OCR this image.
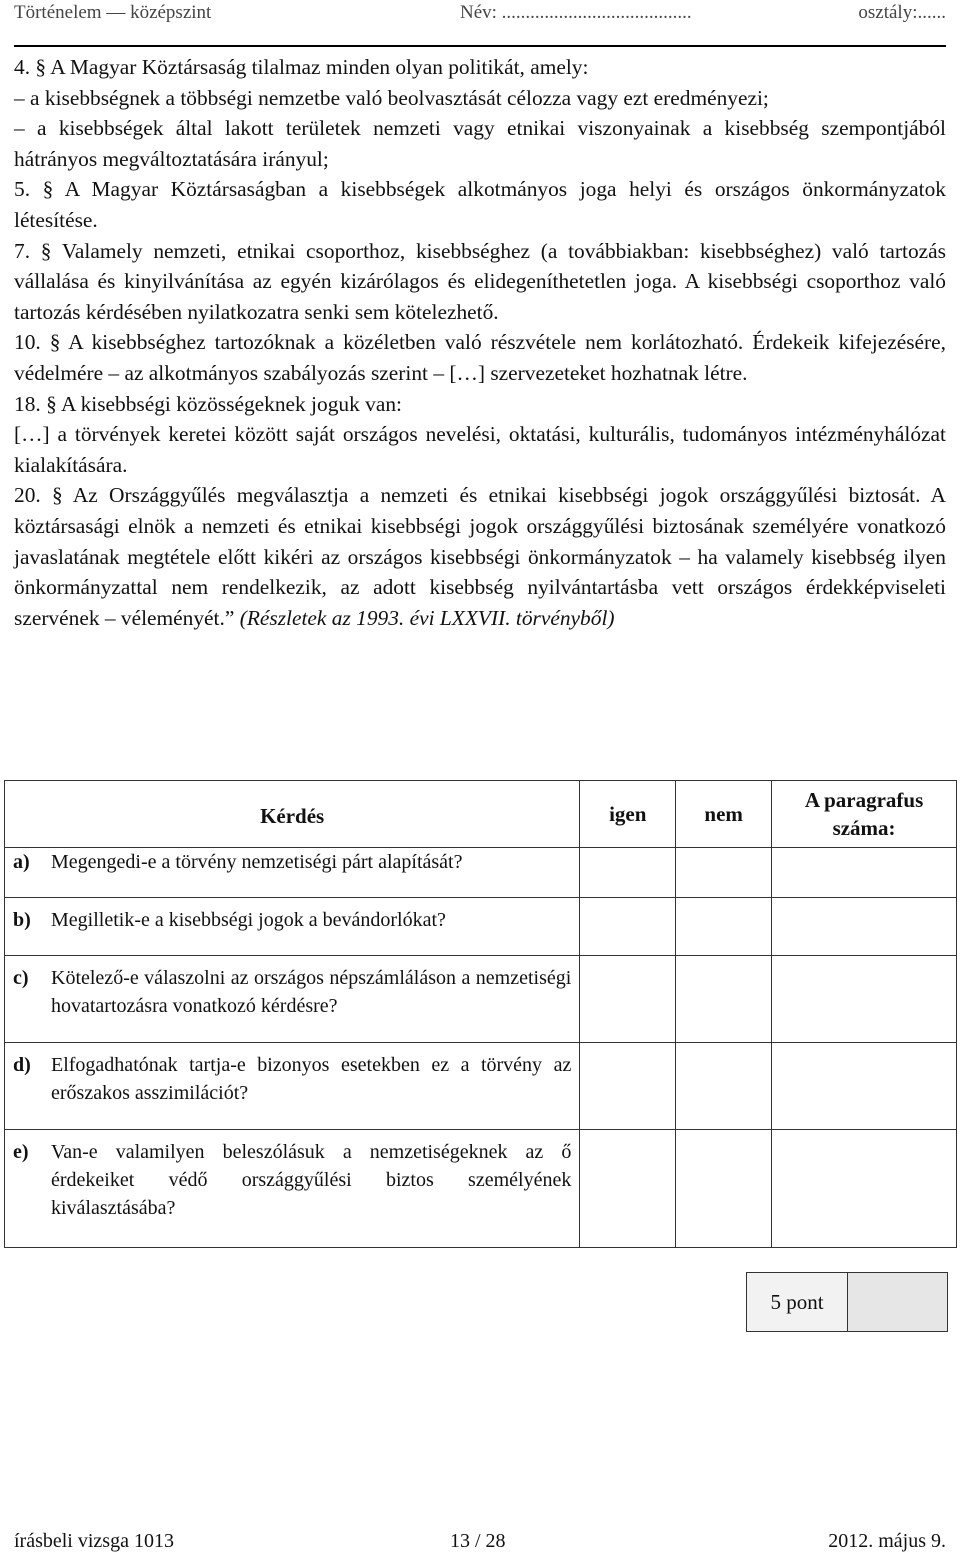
Történelem — középszint	Név: ........................................	osztály:......

4. § A Magyar Köztársaság tilalmaz minden olyan politikát, amely:

– a kisebbségnek a többségi nemzetbe való beolvasztását célozza vagy ezt eredményezi;

– a kisebbségek által lakott területek nemzeti vagy etnikai viszonyainak a kisebbség szempontjából hátrányos megváltoztatására irányul;

5. § A Magyar Köztársaságban a kisebbségek alkotmányos joga helyi és országos önkormányzatok létesítése.

7. § Valamely nemzeti, etnikai csoporthoz, kisebbséghez (a továbbiakban: kisebbséghez) való tartozás vállalása és kinyilvánítása az egyén kizárólagos és elidegeníthetetlen joga. A kisebbségi csoporthoz való tartozás kérdésében nyilatkozatra senki sem kötelezhető.

10. § A kisebbséghez tartozóknak a közéletben való részvétele nem korlátozható. Érdekeik kifejezésére, védelmére – az alkotmányos szabályozás szerint – […] szervezeteket hozhatnak létre.

18. § A kisebbségi közösségeknek joguk van:

[…] a törvények keretei között saját országos nevelési, oktatási, kulturális, tudományos intézményhálózat kialakítására.

20. § Az Országgyűlés megválasztja a nemzeti és etnikai kisebbségi jogok országgyűlési biztosát. A köztársasági elnök a nemzeti és etnikai kisebbségi jogok országgyűlési biztosának személyére vonatkozó javaslatának megtétele előtt kikéri az országos kisebbségi önkormányzatok – ha valamely kisebbség ilyen önkormányzattal nem rendelkezik, az adott kisebbség nyilvántartásba vett országos érdekképviseleti szervének – véleményét.” (Részletek az 1993. évi LXXVII. törvényből)

Kérdés	igen	nem	A paragrafus száma:

a) Megengedi-e a törvény nemzetiségi párt alapítását?			

b) Megilletik-e a kisebbségi jogok a bevándorlókat?			

c) Kötelező-e válaszolni az országos népszámláláson a nemzetiségi hovatartozásra vonatkozó kérdésre?			

d) Elfogadhatónak tartja-e bizonyos esetekben ez a törvény az erőszakos asszimilációt?			

e) Van-e valamilyen beleszólásuk a nemzetiségeknek az ő érdekeiket védő országgyűlési biztos személyének kiválasztásába?			

5 pont
írásbeli vizsga 1013	13 / 28	2012. május 9.
